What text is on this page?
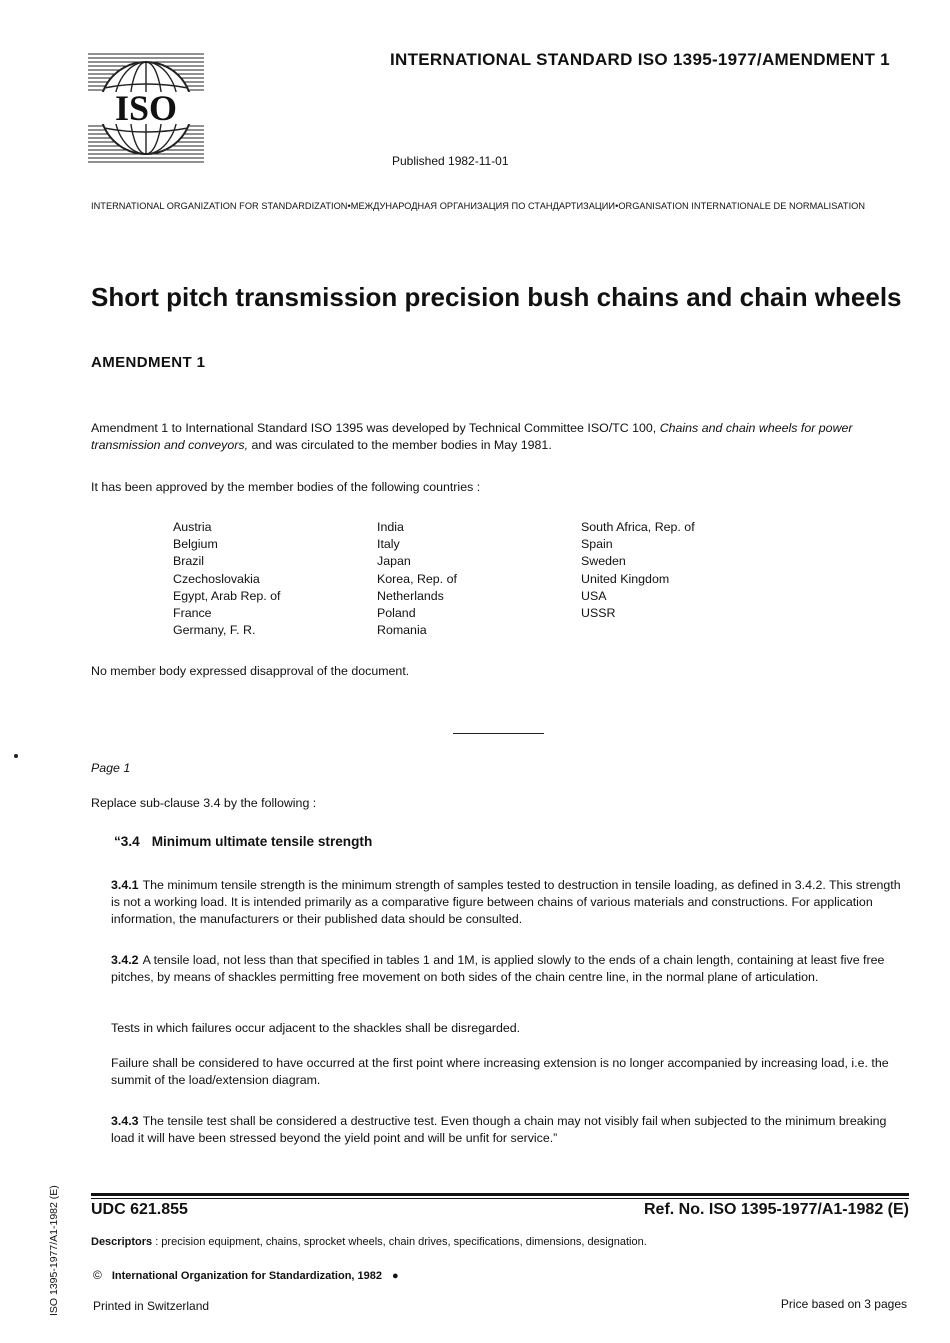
ISO
INTERNATIONAL STANDARD ISO 1395-1977/AMENDMENT 1
Published 1982-11-01
INTERNATIONAL ORGANIZATION FOR STANDARDIZATION•МЕЖДУНАРОДНАЯ ОРГАНИЗАЦИЯ ПО СТАНДАРТИЗАЦИИ•ORGANISATION INTERNATIONALE DE NORMALISATION
Short pitch transmission precision bush chains and chain wheels
AMENDMENT 1

Amendment 1 to International Standard ISO 1395 was developed by Technical Committee ISO/TC 100, Chains and chain wheels for power transmission and conveyors, and was circulated to the member bodies in May 1981.

It has been approved by the member bodies of the following countries :

Austria
Belgium
Brazil
Czechoslovakia
Egypt, Arab Rep. of
France
Germany, F. R.
India
Italy
Japan
Korea, Rep. of
Netherlands
Poland
Romania
South Africa, Rep. of
Spain
Sweden
United Kingdom
USA
USSR

No member body expressed disapproval of the document.

Page 1

Replace sub-clause 3.4 by the following :

“3.4 Minimum ultimate tensile strength

3.4.1 The minimum tensile strength is the minimum strength of samples tested to destruction in tensile loading, as defined in 3.4.2. This strength is not a working load. It is intended primarily as a comparative figure between chains of various materials and constructions. For application information, the manufacturers or their published data should be consulted.

3.4.2 A tensile load, not less than that specified in tables 1 and 1M, is applied slowly to the ends of a chain length, containing at least five free pitches, by means of shackles permitting free movement on both sides of the chain centre line, in the normal plane of articulation.

Tests in which failures occur adjacent to the shackles shall be disregarded.

Failure shall be considered to have occurred at the first point where increasing extension is no longer accompanied by increasing load, i.e. the summit of the load/extension diagram.

3.4.3 The tensile test shall be considered a destructive test. Even though a chain may not visibly fail when subjected to the minimum breaking load it will have been stressed beyond the yield point and will be unfit for service.”

ISO 1395-1977/A1-1982 (E) UDC 621.855	Ref. No. ISO 1395-1977/A1-1982 (E)
Descriptors : precision equipment, chains, sprocket wheels, chain drives, specifications, dimensions, designation.
© International Organization for Standardization, 1982 ●
Printed in Switzerland	Price based on 3 pages
